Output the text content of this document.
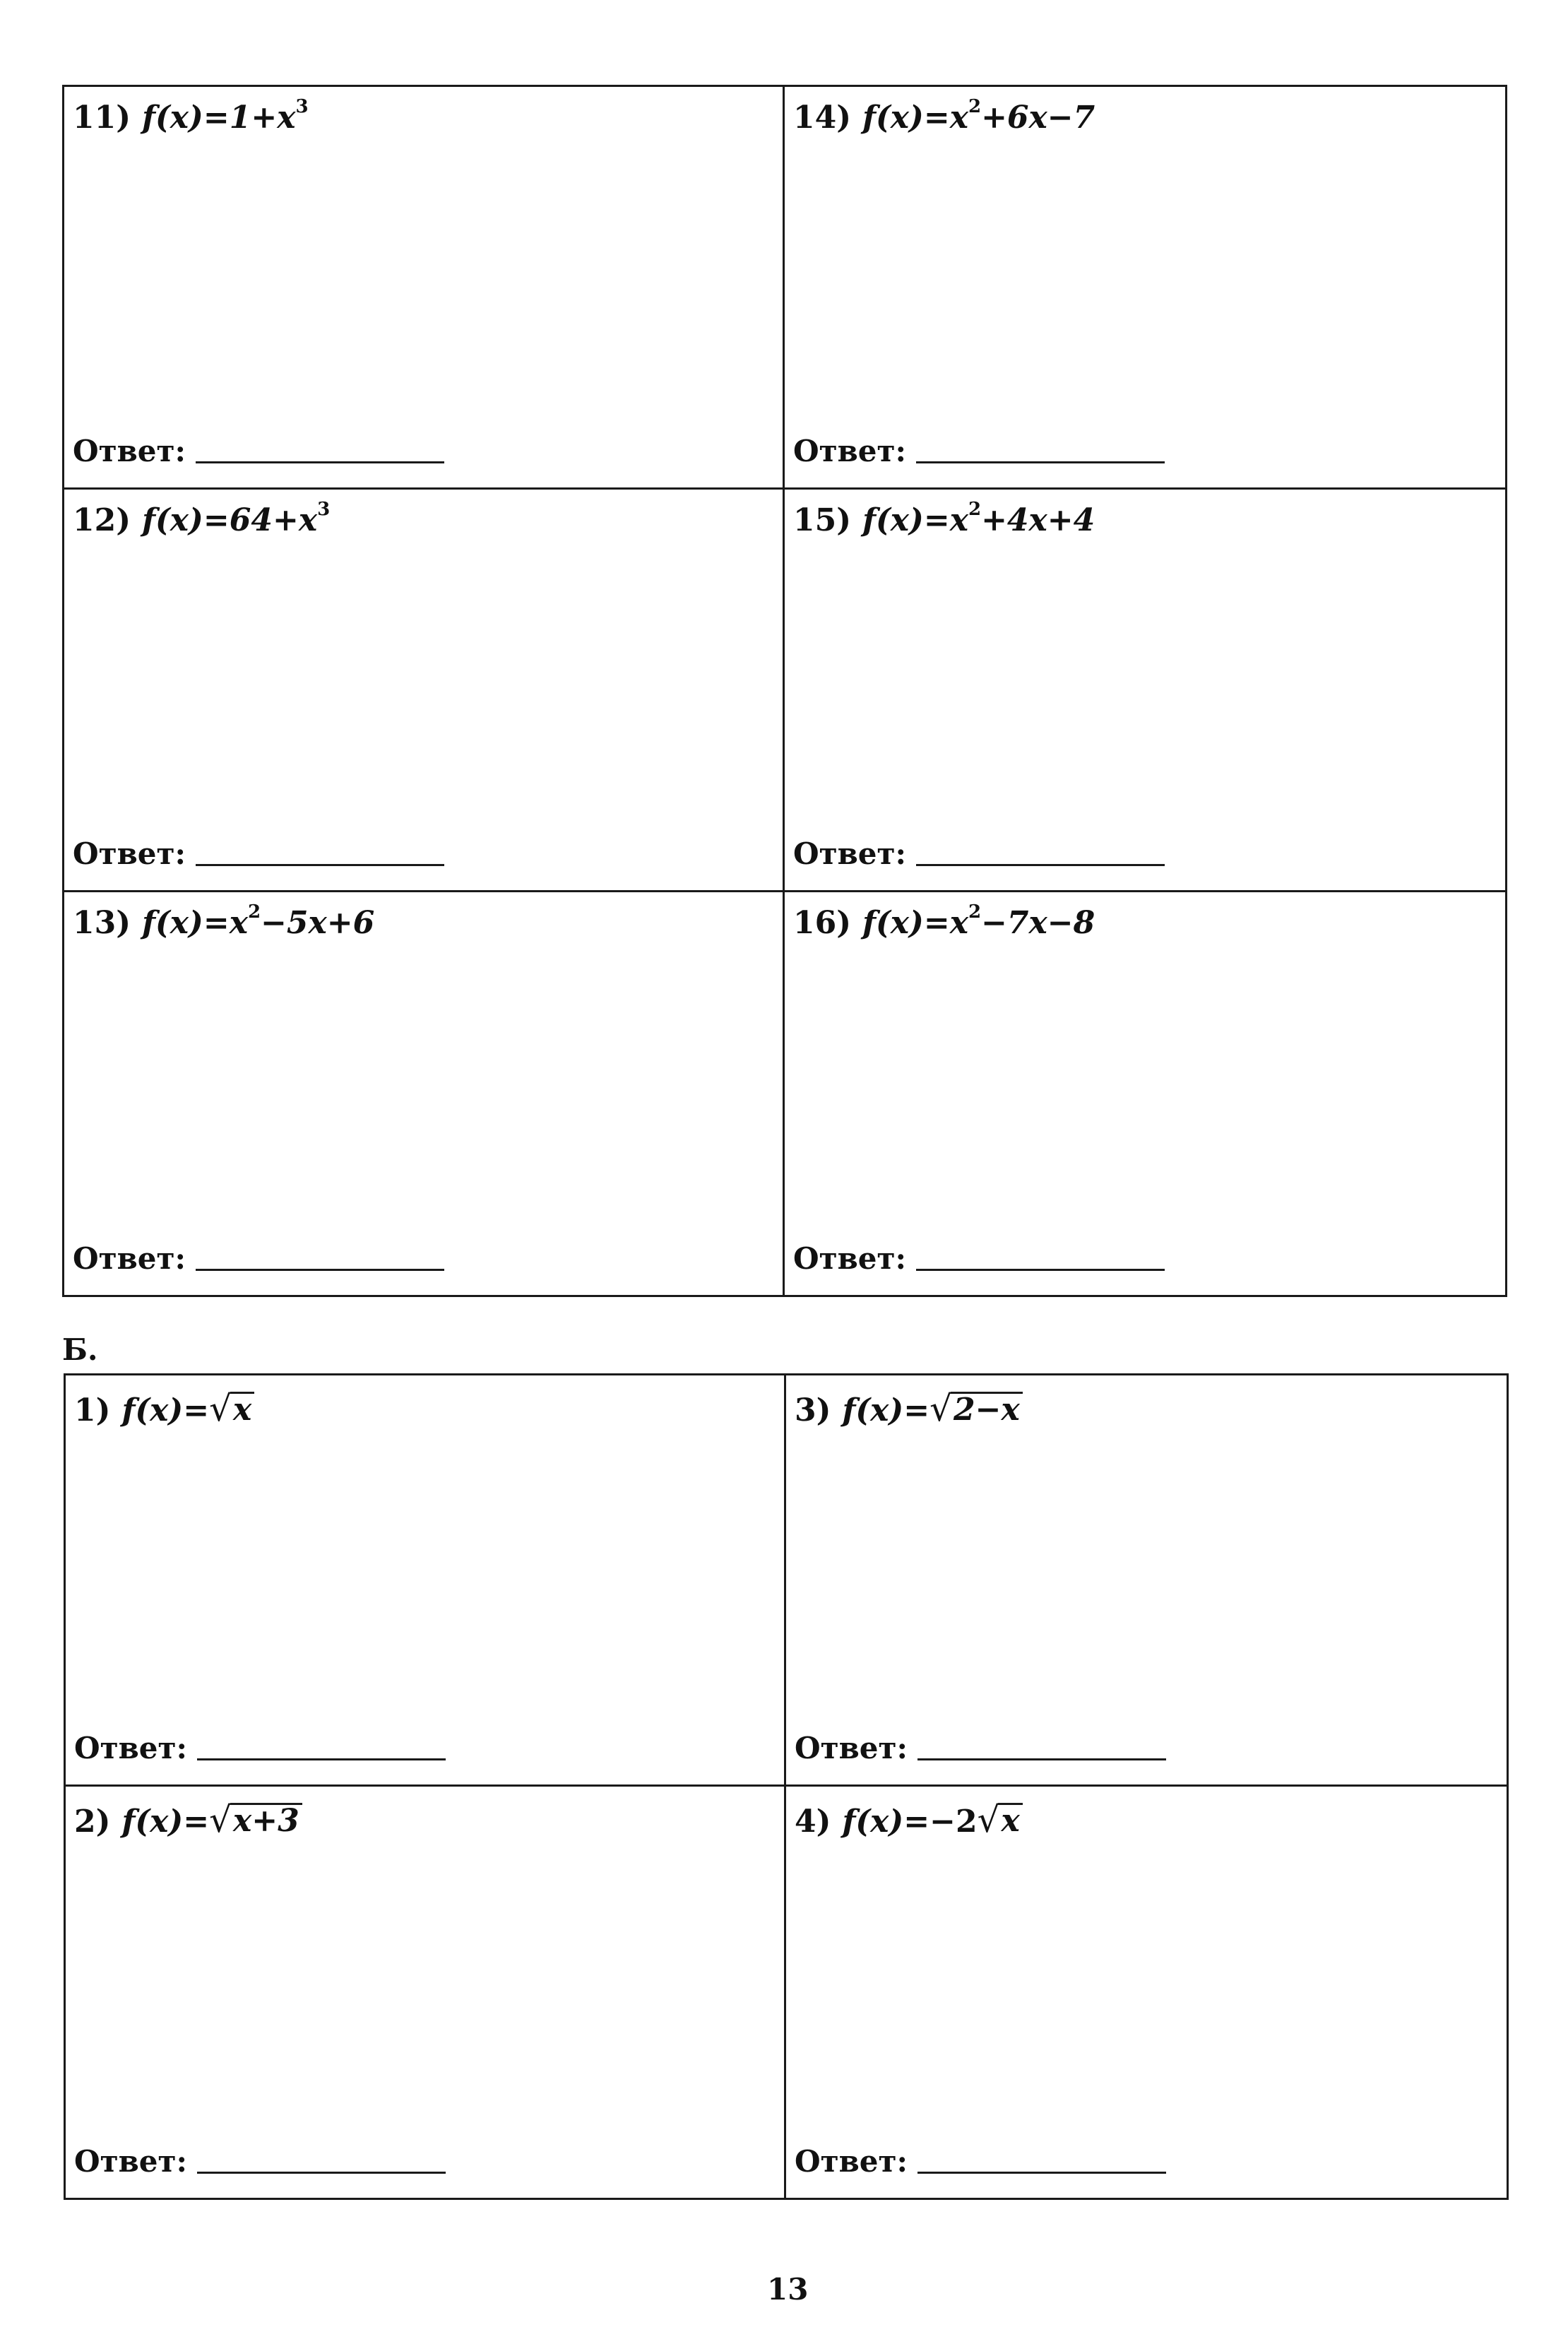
11) $f(x)=1+x^3$
Ответ:
14) $f(x)=x^2+6x-7$
Ответ:
12) $f(x)=64+x^3$
Ответ:
15) $f(x)=x^2+4x+4$
Ответ:
13) $f(x)=x^2-5x+6$
Ответ:
16) $f(x)=x^2-7x-8$
Ответ:
Б.
1) f(x)= √ x
Ответ:
3) f(x)= √ 2−x
Ответ:
2) f(x)= √ x+3
Ответ:
4) f(x)=−2 √ x
Ответ:
13
